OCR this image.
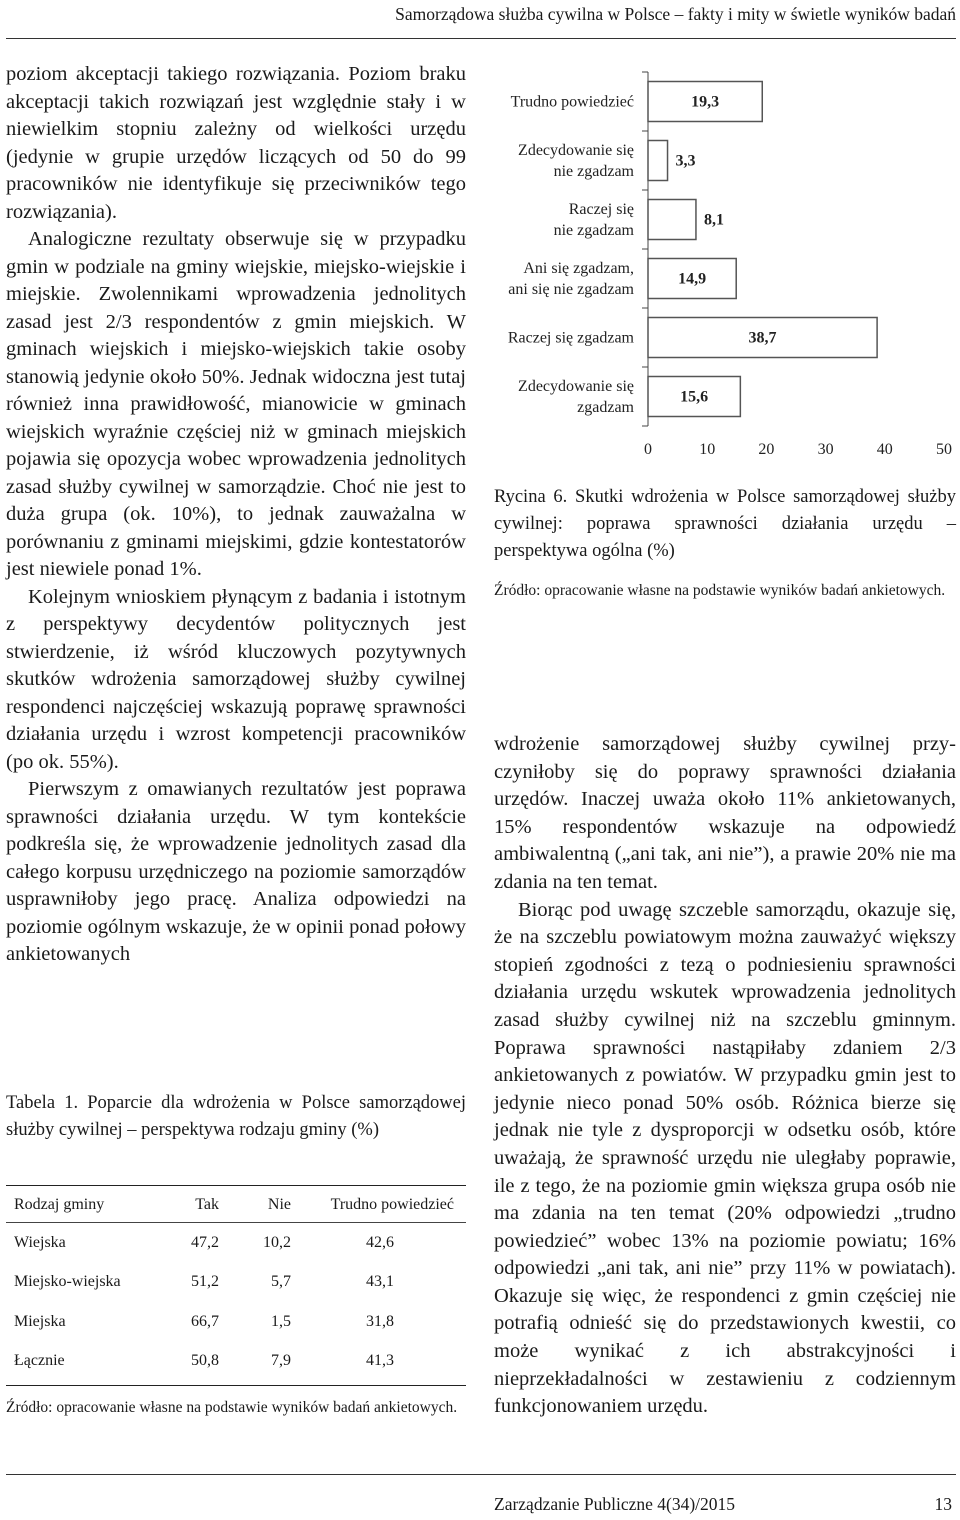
Samorządowa służba cywilna w Polsce – fakty i mity w świetle wyników badań

poziom akceptacji takiego rozwiązania. Poziom braku akceptacji takich rozwiązań jest względnie stały i w niewielkim stopniu zależny od wielkości urzędu (jedynie w grupie urzędów liczących od 50 do 99 pracowników nie identyfikuje się przeciwników tego rozwiązania).

Analogiczne rezultaty obserwuje się w przypadku gmin w podziale na gminy wiejskie, miejsko-wiejskie i miejskie. Zwolennikami wprowadzenia jednolitych zasad jest 2/3 respondentów z gmin miejskich. W gminach wiejskich i miejsko-wiejskich takie osoby stanowią jedynie około 50%. Jednak widoczna jest tutaj również inna prawidłowość, mianowicie w gminach wiejskich wyraźnie częściej niż w gminach miejskich pojawia się opozycja wobec wprowadzenia jednolitych zasad służby cywilnej w samorządzie. Choć nie jest to duża grupa (ok. 10%), to jednak zauważalna w porównaniu z gminami miejskimi, gdzie kontestatorów jest niewiele ponad 1%.

Kolejnym wnioskiem płynącym z badania i istotnym z perspektywy decydentów politycznych jest stwierdzenie, iż wśród kluczowych pozytywnych skutków wdrożenia samorządowej służby cywilnej respondenci najczęściej wskazują poprawę sprawności działania urzędu i wzrost kompetencji pracowników (po ok. 55%).

Pierwszym z omawianych rezultatów jest poprawa sprawności działania urzędu. W tym kontekście podkreśla się, że wprowadzenie jednolitych zasad dla całego korpusu urzędniczego na poziomie samorządów usprawniłoby jego pracę. Analiza odpowiedzi na poziomie ogólnym wskazuje, że w opinii ponad połowy ankietowanych

19,3
Trudno powiedzieć
3,3
Zdecydowanie się
nie zgadzam
8,1
Raczej się
nie zgadzam
14,9
Ani się zgadzam,
ani się nie zgadzam
38,7
Raczej się zgadzam
15,6
Zdecydowanie się
zgadzam
0	10	20	30	40	50
Rycina 6. Skutki wdrożenia w Polsce samorządowej służby cywilnej: poprawa sprawności działania urzędu – perspektywa ogólna (%)
Źródło: opracowanie własne na podstawie wyników badań ankietowych.
Tabela 1. Poparcie dla wdrożenia w Polsce samorządowej służby cywilnej – perspektywa rodzaju gminy (%)
Rodzaj gminy	Tak	Nie	Trudno powiedzieć
Wiejska	47,2	10,2	42,6
Miejsko-wiejska	51,2	5,7	43,1
Miejska	66,7	1,5	31,8
Łącznie	50,8	7,9	41,3
Źródło: opracowanie własne na podstawie wyników badań ankietowych.

wdrożenie samorządowej służby cywilnej przyczyniłoby się do poprawy sprawności działania urzędów. Inaczej uważa około 11% ankietowanych, 15% respondentów wskazuje na odpowiedź ambiwalentną („ani tak, ani nie”), a prawie 20% nie ma zdania na ten temat.

Biorąc pod uwagę szczeble samorządu, okazuje się, że na szczeblu powiatowym można zauważyć większy stopień zgodności z tezą o podniesieniu sprawności działania urzędu wskutek wprowadzenia jednolitych zasad służby cywilnej niż na szczeblu gminnym. Poprawa sprawności nastąpiłaby zdaniem 2/3 ankietowanych z powiatów. W przypadku gmin jest to jedynie nieco ponad 50% osób. Różnica bierze się jednak nie tyle z dysproporcji w odsetku osób, które uważają, że sprawność urzędu nie uległaby poprawie, ile z tego, że na poziomie gmin większa grupa osób nie ma zdania na ten temat (20% odpowiedzi „trudno powiedzieć” wobec 13% na poziomie powiatu; 16% odpowiedzi „ani tak, ani nie” przy 11% w powiatach). Okazuje się więc, że respondenci z gmin częściej nie potrafią odnieść się do przedstawionych kwestii, co może wynikać z ich abstrakcyjności i nieprzekładalności w zestawieniu z codziennym funkcjonowaniem urzędu.

Zarządzanie Publiczne 4(34)/2015	13
